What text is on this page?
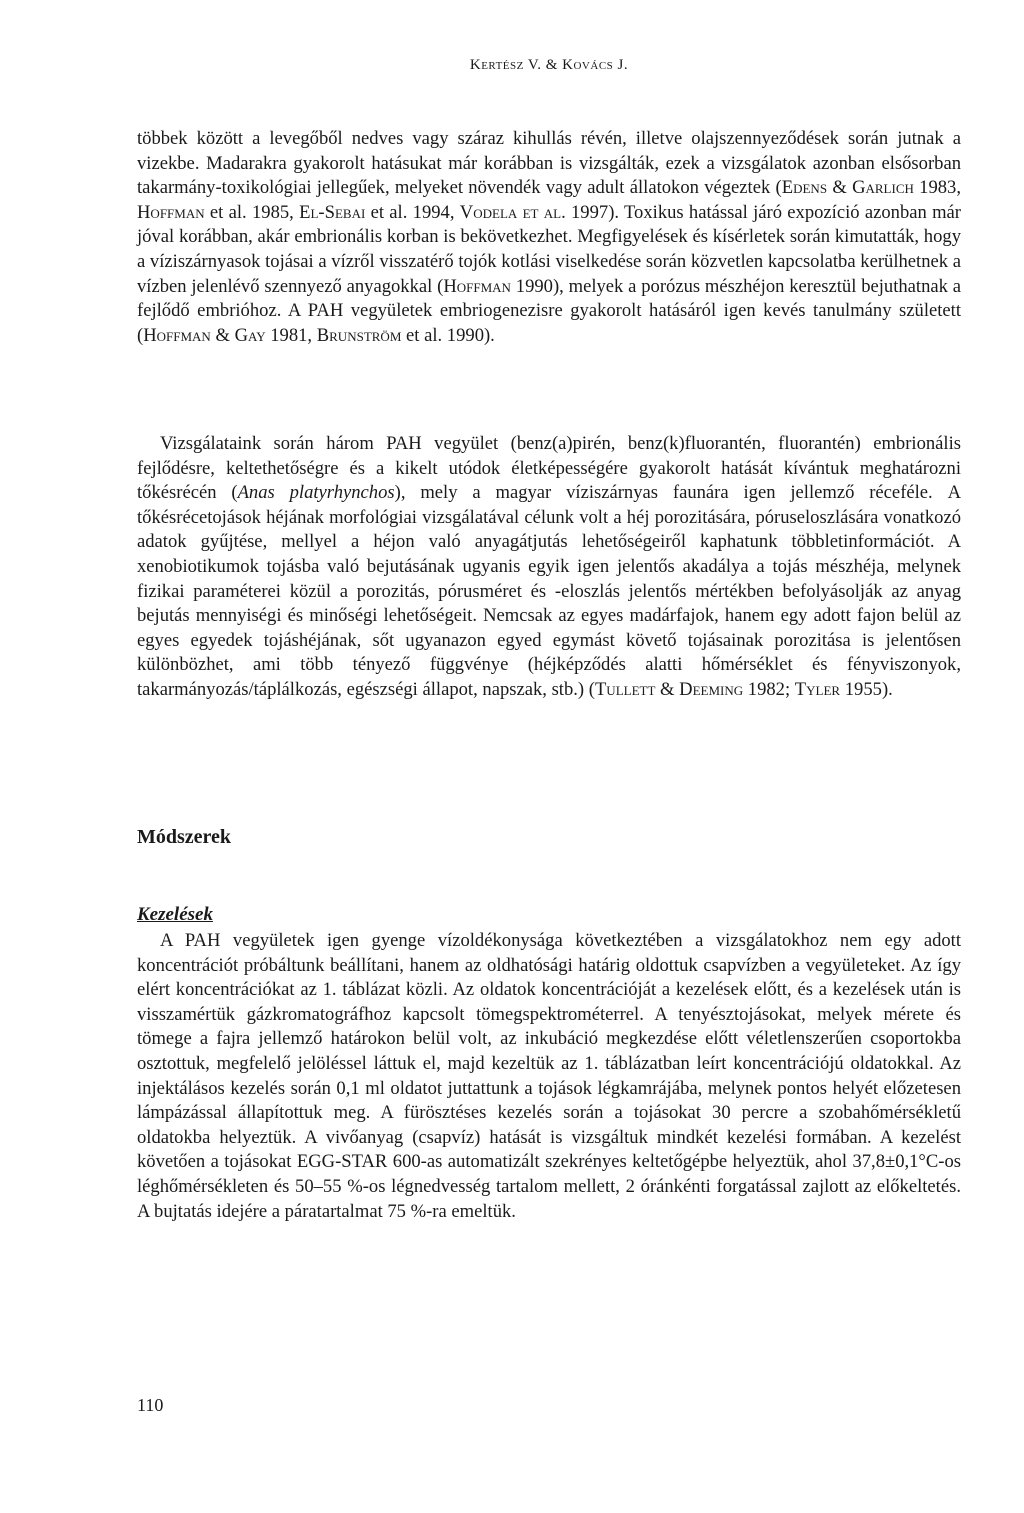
Kertész V. & Kovács J.

többek között a levegőből nedves vagy száraz kihullás révén, illetve olajszennyeződések során jutnak a vizekbe. Madarakra gyakorolt hatásukat már korábban is vizsgálták, ezek a vizsgálatok azonban elsősorban takarmány-toxikológiai jellegűek, melyeket növendék vagy adult állatokon végeztek (Edens & Garlich 1983, Hoffman et al. 1985, El-Sebai et al. 1994, Vodela et al. 1997). Toxikus hatással járó expozíció azonban már jóval korábban, akár embrionális korban is bekövetkezhet. Megfigyelések és kísérletek során kimutatták, hogy a víziszárnyasok tojásai a vízről visszatérő tojók kotlási viselkedése során közvetlen kapcsolatba kerülhetnek a vízben jelenlévő szennyező anyagokkal (Hoffman 1990), melyek a porózus mészhéjon keresztül bejuthatnak a fejlődő embrióhoz. A PAH vegyületek embriogenezisre gyakorolt hatásáról igen kevés tanulmány született (Hoffman & Gay 1981, Brunström et al. 1990).

Vizsgálataink során három PAH vegyület (benz(a)pirén, benz(k)fluorantén, fluorantén) embrionális fejlődésre, keltethetőségre és a kikelt utódok életképességére gyakorolt hatását kívántuk meghatározni tőkésrécén (Anas platyrhynchos), mely a magyar víziszárnyas faunára igen jellemző récefélе. A tőkésrécetojások héjának morfológiai vizsgálatával célunk volt a héj porozitására, póruseloszlására vonatkozó adatok gyűjtése, mellyel a héjon való anyagátjutás lehetőségeiről kaphatunk többletinformációt. A xenobiotikumok tojásba való bejutásának ugyanis egyik igen jelentős akadálya a tojás mészhéja, melynek fizikai paraméterei közül a porozitás, pórusméret és -eloszlás jelentős mértékben befolyásolják az anyag bejutás mennyiségi és minőségi lehetőségeit. Nemcsak az egyes madárfajok, hanem egy adott fajon belül az egyes egyedek tojáshéjának, sőt ugyanazon egyed egymást követő tojásainak porozitása is jelentősen különbözhet, ami több tényező függvénye (héjképződés alatti hőmérséklet és fényviszonyok, takarmányozás/táplálkozás, egészségi állapot, napszak, stb.) (Tullett & Deeming 1982; Tyler 1955).

Módszerek
Kezelések

A PAH vegyületek igen gyenge vízoldékonysága következtében a vizsgálatokhoz nem egy adott koncentrációt próbáltunk beállítani, hanem az oldhatósági határig oldottuk csapvízben a vegyületeket. Az így elért koncentrációkat az 1. táblázat közli. Az oldatok koncentrációját a kezelések előtt, és a kezelések után is visszamértük gázkromatográfhoz kapcsolt tömegspektrométerrel. A tenyésztojásokat, melyek mérete és tömege a fajra jellemző határokon belül volt, az inkubáció megkezdése előtt véletlenszerűen csoportokba osztottuk, megfelelő jelöléssel láttuk el, majd kezeltük az 1. táblázatban leírt koncentrációjú oldatokkal. Az injektálásos kezelés során 0,1 ml oldatot juttattunk a tojások légkamrájába, melynek pontos helyét előzetesen lámpázással állapítottuk meg. A fürösztéses kezelés során a tojásokat 30 percre a szobahőmérsékletű oldatokba helyeztük. A vivőanyag (csapvíz) hatását is vizsgáltuk mindkét kezelési formában. A kezelést követően a tojásokat EGG-STAR 600-as automatizált szekrényes keltetőgépbe helyeztük, ahol 37,8±0,1°C-os léghőmérsékleten és 50–55 %-os légnedvesség tartalom mellett, 2 óránkénti forgatással zajlott az előkeltetés. A bujtatás idejére a páratartalmat 75 %-ra emeltük.

110
